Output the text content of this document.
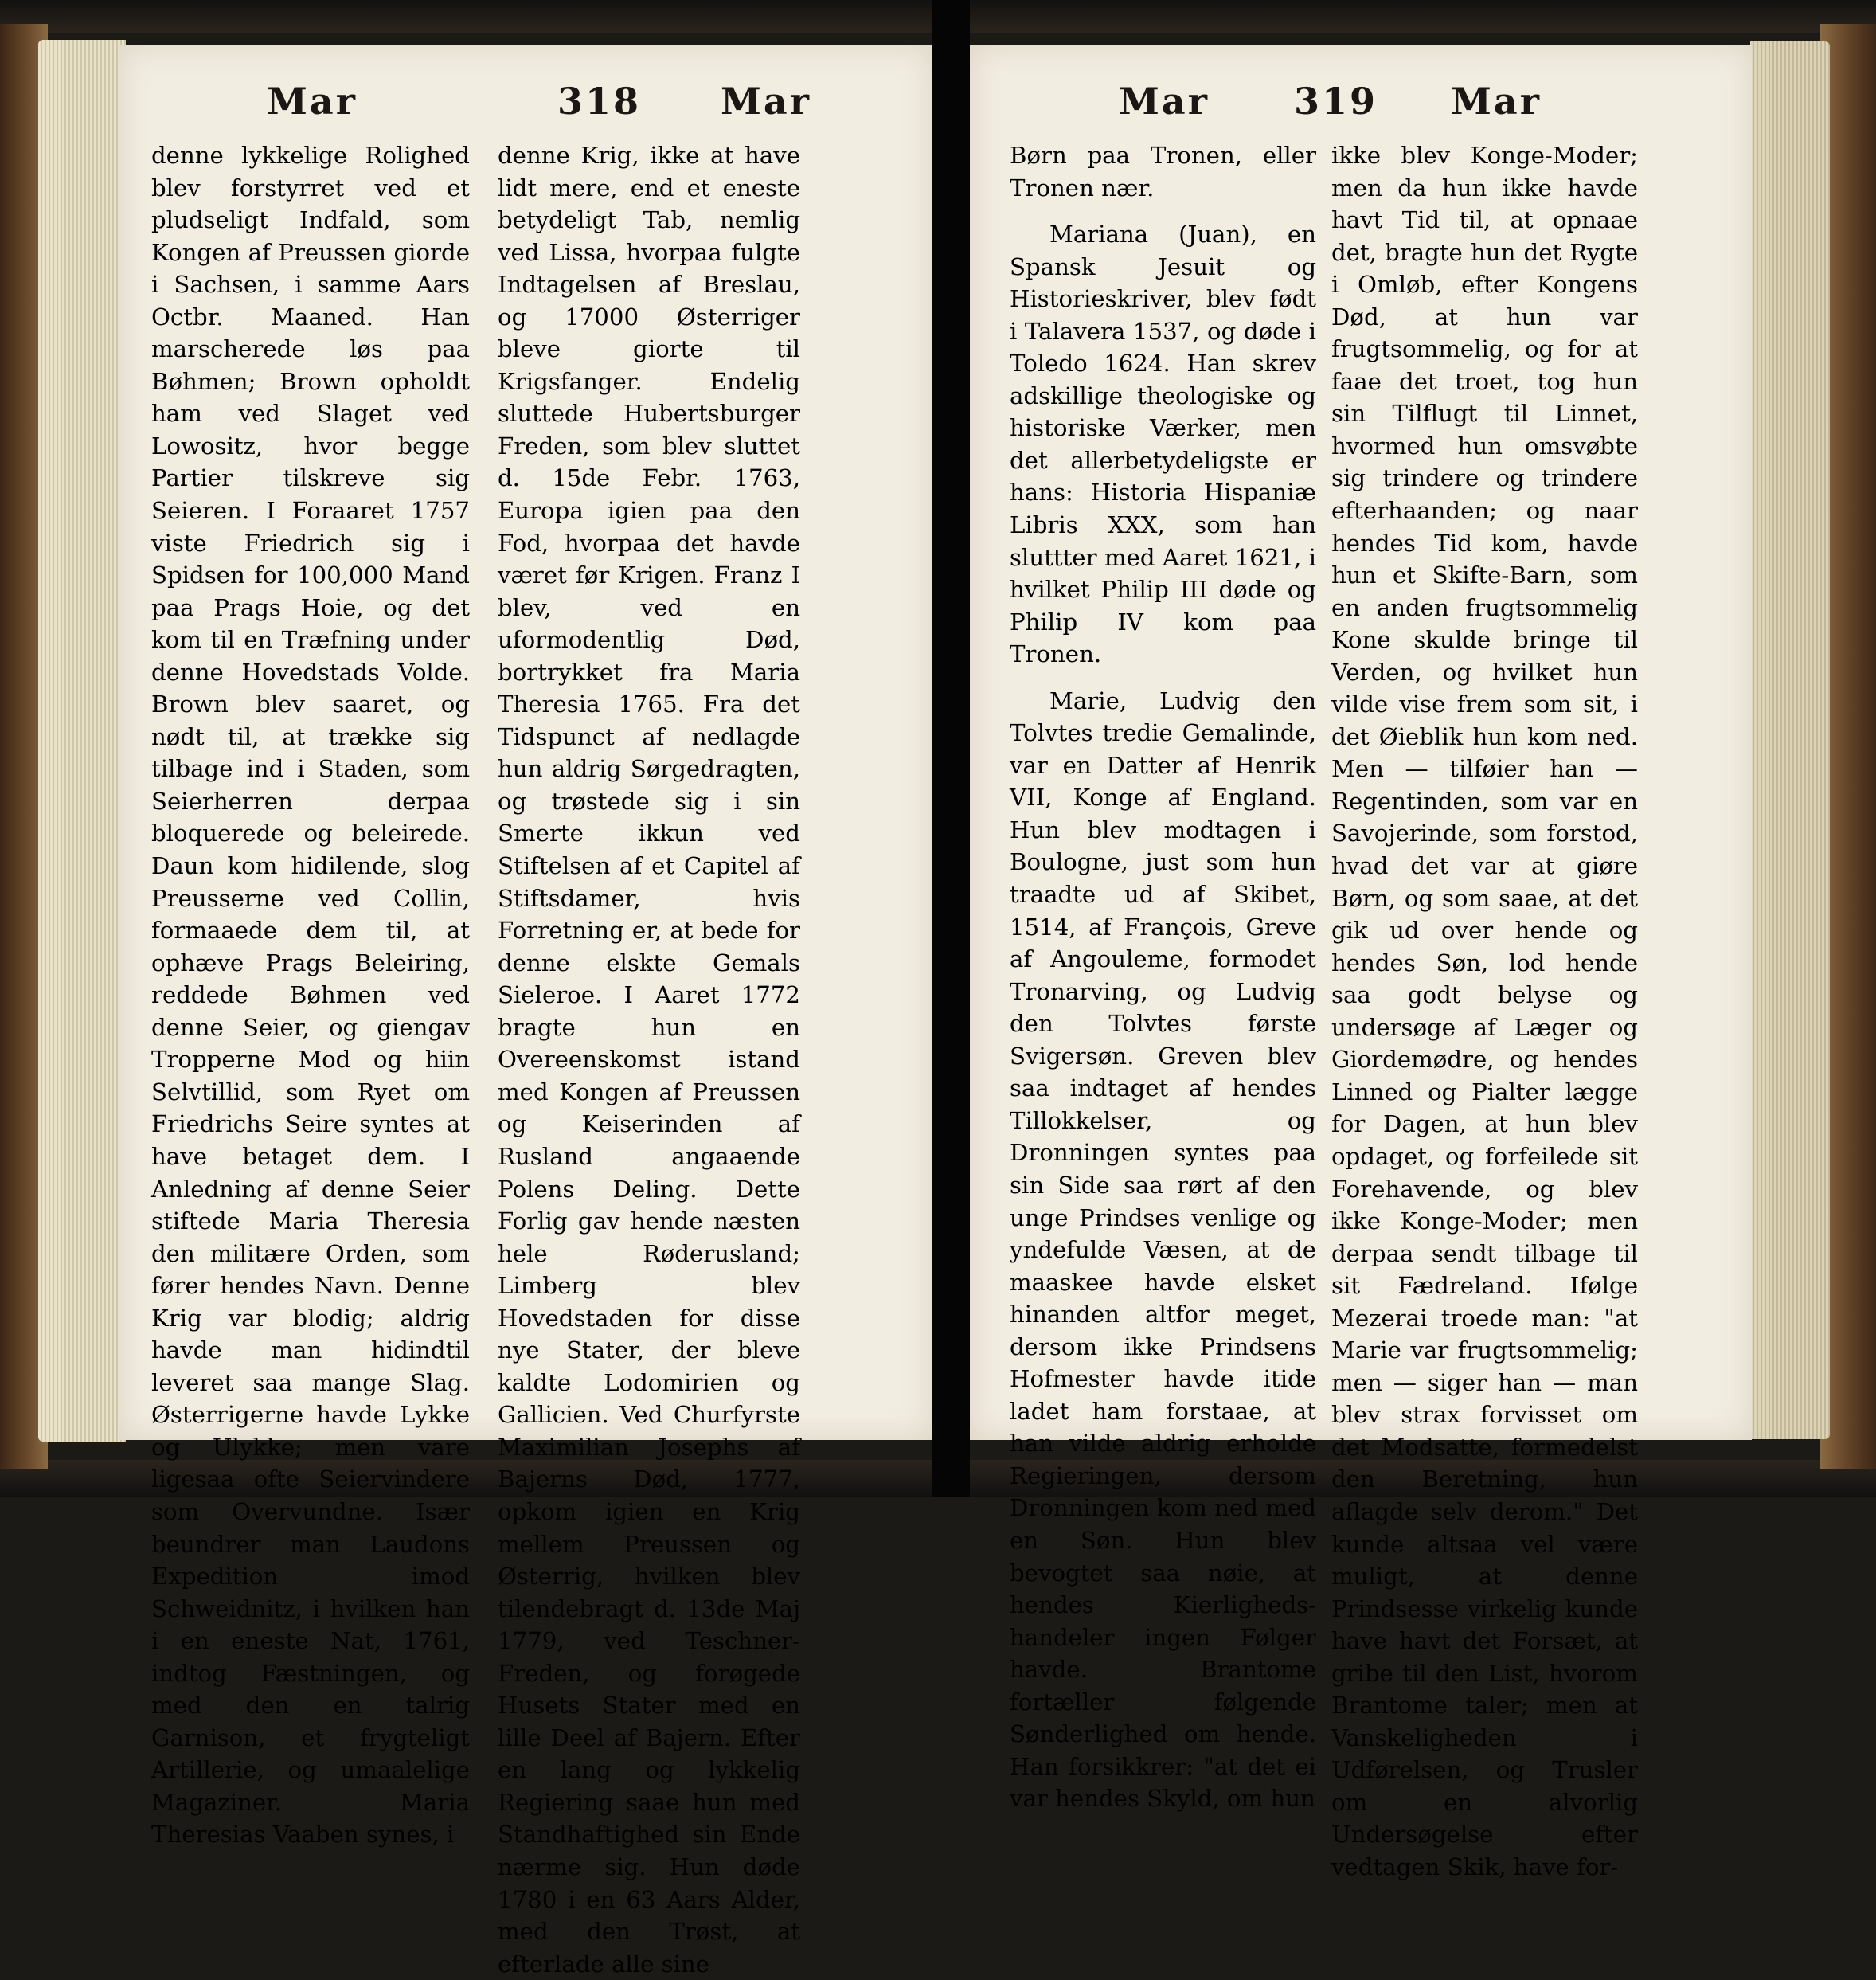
Mar	318 Mar

denne lykkelige Rolighed blev forstyrret ved et pludseligt Indfald, som Kongen af Preussen giorde i Sachsen, i samme Aars Octbr. Maaned. Han marscherede løs paa Bøhmen; Brown opholdt ham ved Slaget ved Lowositz, hvor begge Partier tilskreve sig Seieren. I Foraaret 1757 viste Friedrich sig i Spidsen for 100,000 Mand paa Prags Hoie, og det kom til en Træfning under denne Hovedstads Volde. Brown blev saaret, og nødt til, at trække sig tilbage ind i Staden, som Seierherren derpaa bloquerede og beleirede. Daun kom hidilende, slog Preusserne ved Collin, formaaede dem til, at ophæve Prags Beleiring, reddede Bøhmen ved denne Seier, og giengav Tropperne Mod og hiin Selvtillid, som Ryet om Friedrichs Seire syntes at have betaget dem. I Anledning af denne Seier stiftede Maria Theresia den militære Orden, som fører hendes Navn. Denne Krig var blodig; aldrig havde man hidindtil leveret saa mange Slag. Østerrigerne havde Lykke og Ulykke; men vare ligesaa ofte Seiervindere som Overvundne. Især beundrer man Laudons Expedition imod Schweidnitz, i hvilken han i en eneste Nat, 1761, indtog Fæstningen, og med den en talrig Garnison, et frygteligt Artillerie, og umaalelige Magaziner. Maria Theresias Vaaben synes, i

denne Krig, ikke at have lidt mere, end et eneste betydeligt Tab, nemlig ved Lissa, hvorpaa fulgte Indtagelsen af Breslau, og 17000 Østerriger bleve giorte til Krigsfanger. Endelig sluttede Hubertsburger Freden, som blev sluttet d. 15de Febr. 1763, Europa igien paa den Fod, hvorpaa det havde været før Krigen. Franz I blev, ved en uformodentlig Død, bortrykket fra Maria Theresia 1765. Fra det Tidspunct af nedlagde hun aldrig Sørgedragten, og trøstede sig i sin Smerte ikkun ved Stiftelsen af et Capitel af Stiftsdamer, hvis Forretning er, at bede for denne elskte Gemals Sieleroe. I Aaret 1772 bragte hun en Overeenskomst istand med Kongen af Preussen og Keiserinden af Rusland angaaende Polens Deling. Dette Forlig gav hende næsten hele Røderusland; Limberg blev Hovedstaden for disse nye Stater, der bleve kaldte Lodomirien og Gallicien. Ved Churfyrste Maximilian Josephs af Bajerns Død, 1777, opkom igien en Krig mellem Preussen og Østerrig, hvilken blev tilendebragt d. 13de Maj 1779, ved Teschner-Freden, og forøgede Husets Stater med en lille Deel af Bajern. Efter en lang og lykkelig Regiering saae hun med Standhaftighed sin Ende nærme sig. Hun døde 1780 i en 63 Aars Alder, med den Trøst, at efterlade alle sine

Mar 319 Mar

Børn paa Tronen, eller Tronen nær.

Mariana (Juan), en Spansk Jesuit og Historieskriver, blev født i Talavera 1537, og døde i Toledo 1624. Han skrev adskillige theologiske og historiske Værker, men det allerbetydeligste er hans: Historia Hispaniæ Libris XXX, som han sluttter med Aaret 1621, i hvilket Philip III døde og Philip IV kom paa Tronen.

Marie, Ludvig den Tolvtes tredie Gemalinde, var en Datter af Henrik VII, Konge af England. Hun blev modtagen i Boulogne, just som hun traadte ud af Skibet, 1514, af François, Greve af Angouleme, formodet Tronarving, og Ludvig den Tolvtes første Svigersøn. Greven blev saa indtaget af hendes Tillokkelser, og Dronningen syntes paa sin Side saa rørt af den unge Prindses venlige og yndefulde Væsen, at de maaskee havde elsket hinanden altfor meget, dersom ikke Prindsens Hofmester havde itide ladet ham forstaae, at han vilde aldrig erholde Regieringen, dersom Dronningen kom ned med en Søn. Hun blev bevogtet saa nøie, at hendes Kierligheds-handeler ingen Følger havde. Brantome fortæller følgende Sønderlighed om hende. Han forsikkrer: "at det ei var hendes Skyld, om hun

ikke blev Konge-Moder; men da hun ikke havde havt Tid til, at opnaae det, bragte hun det Rygte i Omløb, efter Kongens Død, at hun var frugtsommelig, og for at faae det troet, tog hun sin Tilflugt til Linnet, hvormed hun omsvøbte sig trindere og trindere efterhaanden; og naar hendes Tid kom, havde hun et Skifte-Barn, som en anden frugtsommelig Kone skulde bringe til Verden, og hvilket hun vilde vise frem som sit, i det Øieblik hun kom ned. Men — tilføier han — Regentinden, som var en Savojerinde, som forstod, hvad det var at giøre Børn, og som saae, at det gik ud over hende og hendes Søn, lod hende saa godt belyse og undersøge af Læger og Giordemødre, og hendes Linned og Pialter lægge for Dagen, at hun blev opdaget, og forfeilede sit Forehavende, og blev ikke Konge-Moder; men derpaa sendt tilbage til sit Fædreland. Ifølge Mezerai troede man: "at Marie var frugtsommelig; men — siger han — man blev strax forvisset om det Modsatte, formedelst den Beretning, hun aflagde selv derom." Det kunde altsaa vel være muligt, at denne Prindsesse virkelig kunde have havt det Forsæt, at gribe til den List, hvorom Brantome taler; men at Vanskeligheden i Udførelsen, og Trusler om en alvorlig Undersøgelse efter vedtagen Skik, have for-
